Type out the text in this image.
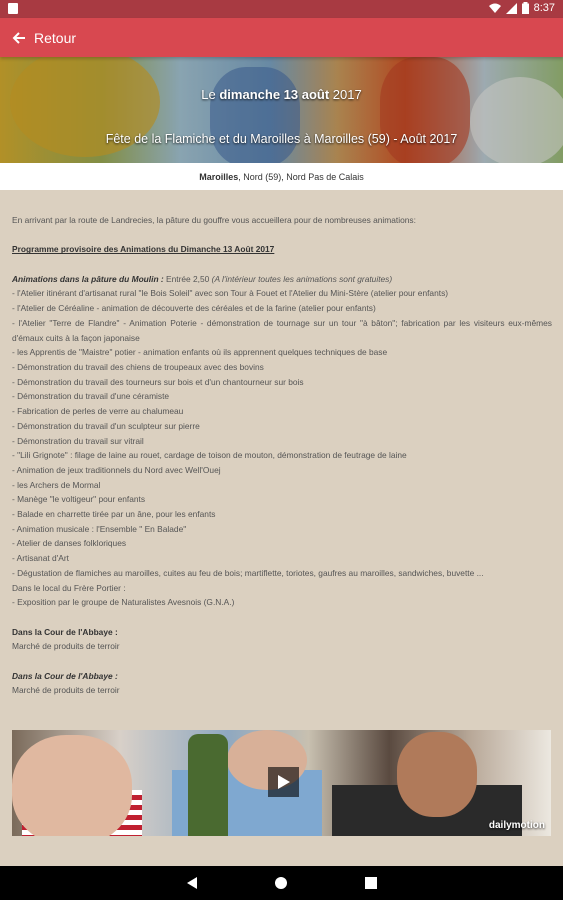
8:37
Retour
Le dimanche 13 août 2017
Fête de la Flamiche et du Maroilles à Maroilles (59) - Août 2017
Maroilles , Nord (59), Nord Pas de Calais

En arrivant par la route de Landrecies, la pâture du gouffre vous accueillera pour de nombreuses animations:

Programme provisoire des Animations du Dimanche 13 Août 2017

Animations dans la pâture du Moulin : Entrée 2,50 (A l'intérieur toutes les animations sont gratuites)

- l'Atelier itinérant d'artisanat rural "le Bois Soleil" avec son Tour à Fouet et l'Atelier du Mini-Stère (atelier pour enfants)

- l'Atelier de Céréaline - animation de découverte des céréales et de la farine (atelier pour enfants)

- l'Atelier "Terre de Flandre" - Animation Poterie - démonstration de tournage sur un tour "à bâton"; fabrication par les visiteurs eux-mêmes d'émaux cuits à la façon japonaise

- les Apprentis de "Maistre" potier - animation enfants où ils apprennent quelques techniques de base

- Démonstration du travail des chiens de troupeaux avec des bovins

- Démonstration du travail des tourneurs sur bois et d'un chantourneur sur bois

- Démonstration du travail d'une céramiste

- Fabrication de perles de verre au chalumeau

- Démonstration du travail d'un sculpteur sur pierre

- Démonstration du travail sur vitrail

- "Lili Grignote" : filage de laine au rouet, cardage de toison de mouton, démonstration de feutrage de laine

- Animation de jeux traditionnels du Nord avec Well'Ouej

- les Archers de Mormal

- Manège "le voltigeur" pour enfants

- Balade en charrette tirée par un âne, pour les enfants

- Animation musicale : l'Ensemble " En Balade"

- Atelier de danses folkloriques

- Artisanat d'Art

- Dégustation de flamiches au maroilles, cuites au feu de bois; martiflette, toriotes, gaufres au maroilles, sandwiches, buvette ...

Dans le local du Frère Portier :

- Exposition par le groupe de Naturalistes Avesnois (G.N.A.)

Dans la Cour de l'Abbaye :

Marché de produits de terroir

Dans la Cour de l'Abbaye :

Marché de produits de terroir

dailymotion
